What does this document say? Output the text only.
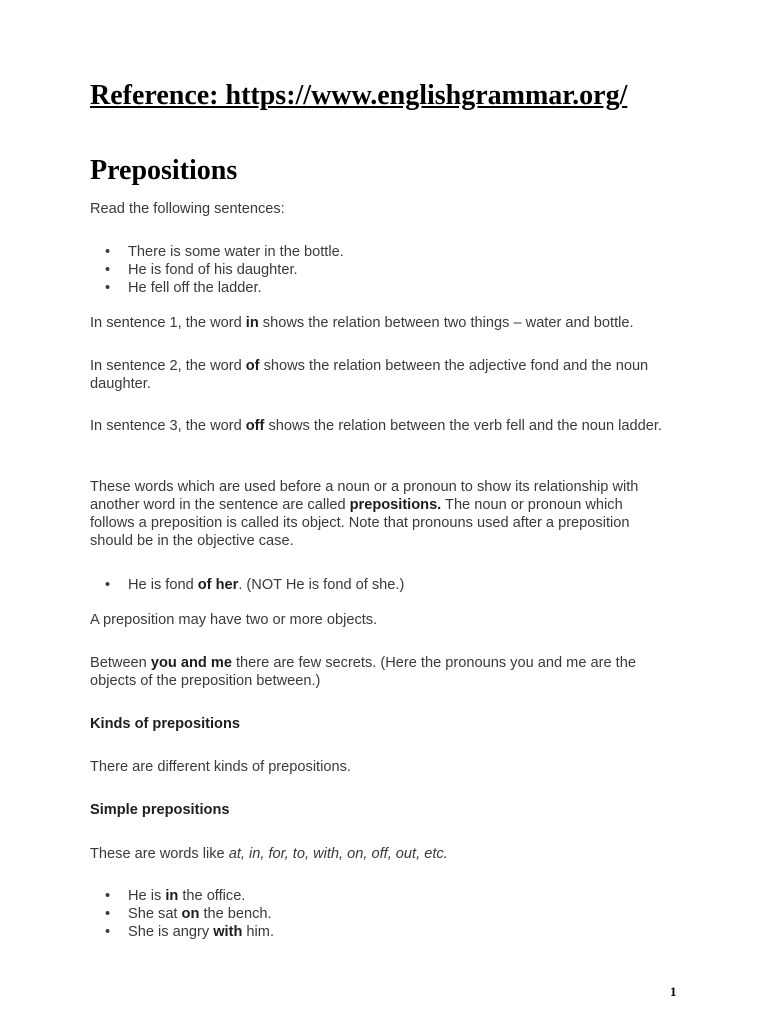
Reference: https://www.englishgrammar.org/
Prepositions

Read the following sentences:

• There is some water in the bottle.
• He is fond of his daughter.
• He fell off the ladder.

In sentence 1, the word in shows the relation between two things – water and bottle.

In sentence 2, the word of shows the relation between the adjective fond and the noun daughter.

In sentence 3, the word off shows the relation between the verb fell and the noun ladder.

These words which are used before a noun or a pronoun to show its relationship with another word in the sentence are called prepositions. The noun or pronoun which follows a preposition is called its object. Note that pronouns used after a preposition should be in the objective case.

• He is fond of her. (NOT He is fond of she.)

A preposition may have two or more objects.

Between you and me there are few secrets. (Here the pronouns you and me are the objects of the preposition between.)

Kinds of prepositions

There are different kinds of prepositions.

Simple prepositions

These are words like at, in, for, to, with, on, off, out, etc.

• He is in the office.
• She sat on the bench.
• She is angry with him.

1
